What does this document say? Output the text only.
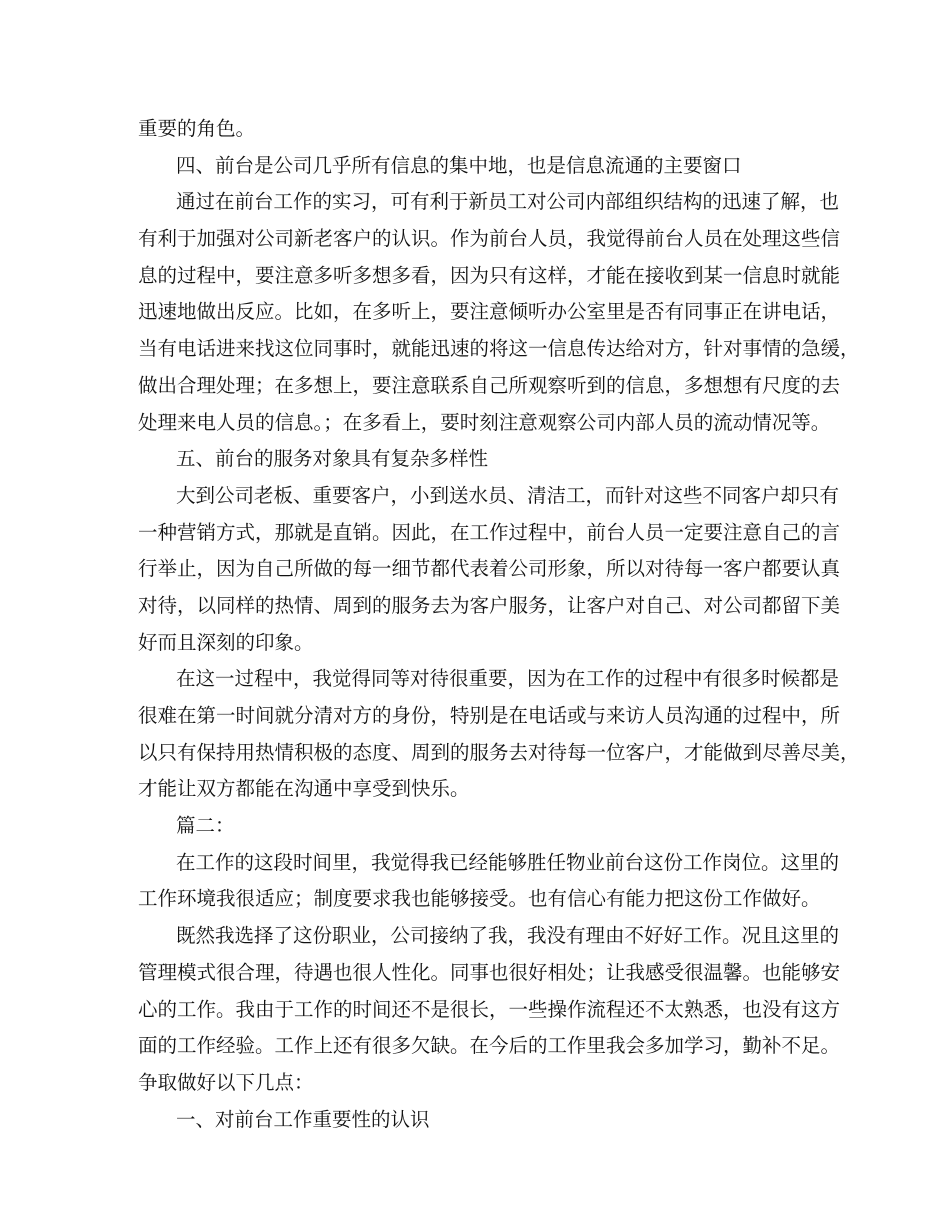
重要的角色。
四、前台是公司几乎所有信息的集中地，也是信息流通的主要窗口
通过在前台工作的实习，可有利于新员工对公司内部组织结构的迅速了解，也
有利于加强对公司新老客户的认识。作为前台人员，我觉得前台人员在处理这些信
息的过程中，要注意多听多想多看，因为只有这样，才能在接收到某一信息时就能
迅速地做出反应。比如，在多听上，要注意倾听办公室里是否有同事正在讲电话，
当有电话进来找这位同事时，就能迅速的将这一信息传达给对方，针对事情的急缓，
做出合理处理；在多想上，要注意联系自己所观察听到的信息，多想想有尺度的去
处理来电人员的信息。；在多看上，要时刻注意观察公司内部人员的流动情况等。
五、前台的服务对象具有复杂多样性
大到公司老板、重要客户，小到送水员、清洁工，而针对这些不同客户却只有
一种营销方式，那就是直销。因此，在工作过程中，前台人员一定要注意自己的言
行举止，因为自己所做的每一细节都代表着公司形象，所以对待每一客户都要认真
对待，以同样的热情、周到的服务去为客户服务，让客户对自己、对公司都留下美
好而且深刻的印象。
在这一过程中，我觉得同等对待很重要，因为在工作的过程中有很多时候都是
很难在第一时间就分清对方的身份，特别是在电话或与来访人员沟通的过程中，所
以只有保持用热情积极的态度、周到的服务去对待每一位客户，才能做到尽善尽美，
才能让双方都能在沟通中享受到快乐。
篇二：
在工作的这段时间里，我觉得我已经能够胜任物业前台这份工作岗位。这里的
工作环境我很适应；制度要求我也能够接受。也有信心有能力把这份工作做好。
既然我选择了这份职业，公司接纳了我，我没有理由不好好工作。况且这里的
管理模式很合理，待遇也很人性化。同事也很好相处；让我感受很温馨。也能够安
心的工作。我由于工作的时间还不是很长，一些操作流程还不太熟悉，也没有这方
面的工作经验。工作上还有很多欠缺。在今后的工作里我会多加学习，勤补不足。
争取做好以下几点：
一、对前台工作重要性的认识
